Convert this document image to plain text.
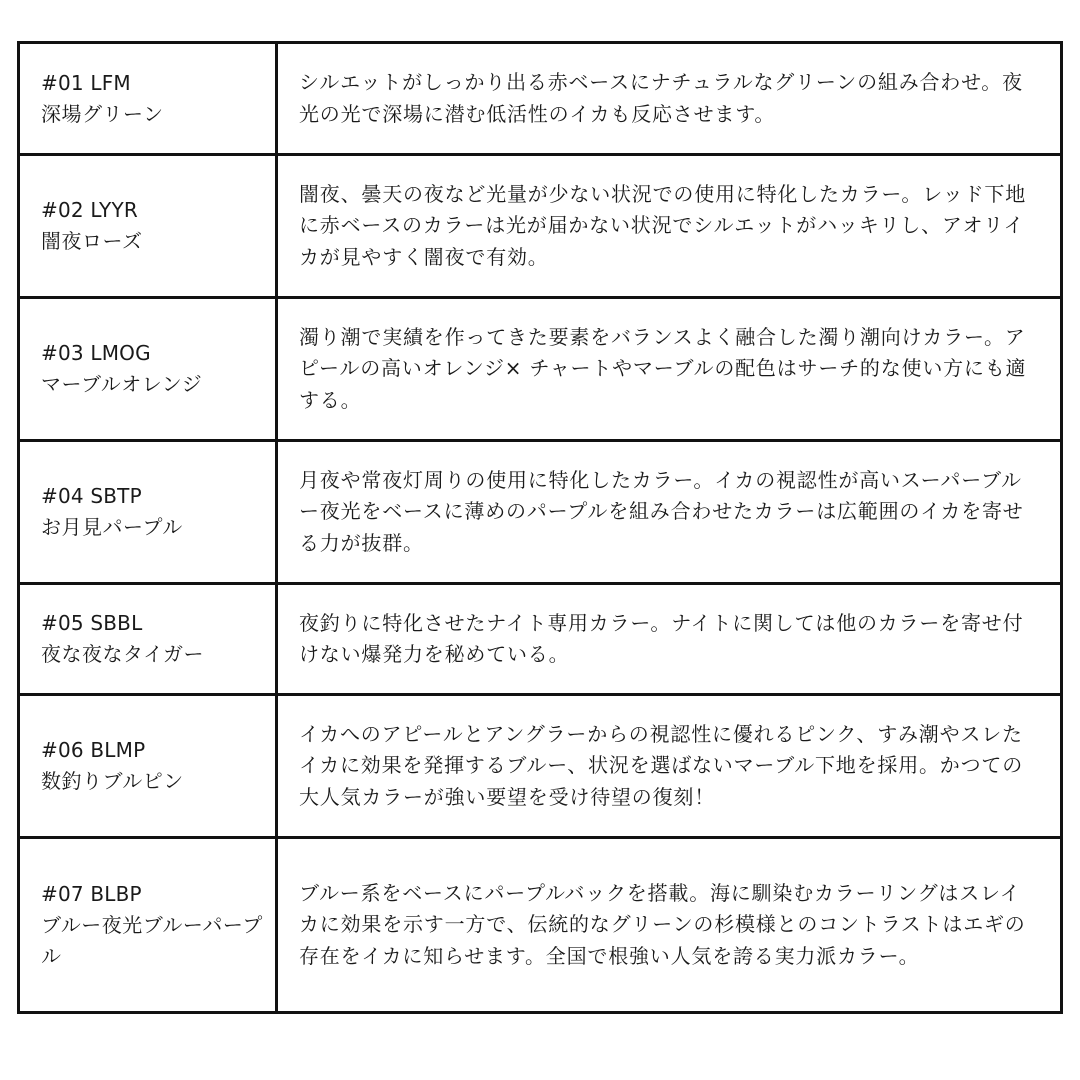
#01 LFM
深場グリーン	シルエットがしっかり出る赤ベースにナチュラルなグリーンの組み合わせ。夜光の光で深場に潜む低活性のイカも反応させます。

#02 LYYR
闇夜ローズ	闇夜、曇天の夜など光量が少ない状況での使用に特化したカラー。レッド下地に赤ベースのカラーは光が届かない状況でシルエットがハッキリし、アオリイカが見やすく闇夜で有効。

#03 LMOG
マーブルオレンジ	濁り潮で実績を作ってきた要素をバランスよく融合した濁り潮向けカラー。アピールの高いオレンジ× チャートやマーブルの配色はサーチ的な使い方にも適する。

#04 SBTP
お月見パープル	月夜や常夜灯周りの使用に特化したカラー。イカの視認性が高いスーパーブルー夜光をベースに薄めのパープルを組み合わせたカラーは広範囲のイカを寄せる力が抜群。

#05 SBBL
夜な夜なタイガー	夜釣りに特化させたナイト専用カラー。ナイトに関しては他のカラーを寄せ付けない爆発力を秘めている。

#06 BLMP
数釣りブルピン	イカへのアピールとアングラーからの視認性に優れるピンク、すみ潮やスレたイカに効果を発揮するブルー、状況を選ばないマーブル下地を採用。かつての大人気カラーが強い要望を受け待望の復刻！

#07 BLBP
ブルー夜光ブルーパープル	ブルー系をベースにパープルバックを搭載。海に馴染むカラーリングはスレイカに効果を示す一方で、伝統的なグリーンの杉模様とのコントラストはエギの存在をイカに知らせます。全国で根強い人気を誇る実力派カラー。
